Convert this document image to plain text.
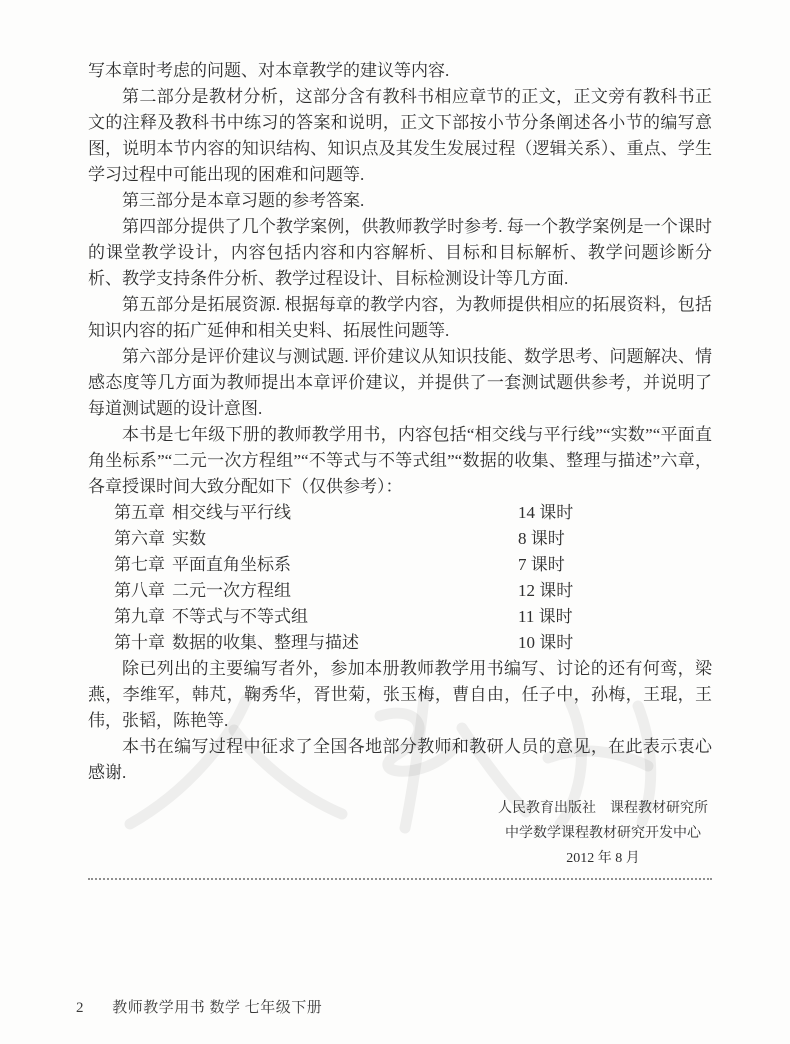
写本章时考虑的问题、对本章教学的建议等内容.

第二部分是教材分析，这部分含有教科书相应章节的正文，正文旁有教科书正文的注释及教科书中练习的答案和说明，正文下部按小节分条阐述各小节的编写意图，说明本节内容的知识结构、知识点及其发生发展过程（逻辑关系）、重点、学生学习过程中可能出现的困难和问题等.

第三部分是本章习题的参考答案.

第四部分提供了几个教学案例，供教师教学时参考. 每一个教学案例是一个课时的课堂教学设计，内容包括内容和内容解析、目标和目标解析、教学问题诊断分析、教学支持条件分析、教学过程设计、目标检测设计等几方面.

第五部分是拓展资源. 根据每章的教学内容，为教师提供相应的拓展资料，包括知识内容的拓广延伸和相关史料、拓展性问题等.

第六部分是评价建议与测试题. 评价建议从知识技能、数学思考、问题解决、情感态度等几方面为教师提出本章评价建议，并提供了一套测试题供参考，并说明了每道测试题的设计意图.

本书是七年级下册的教师教学用书，内容包括“相交线与平行线”“实数”“平面直角坐标系”“二元一次方程组”“不等式与不等式组”“数据的收集、整理与描述”六章，各章授课时间大致分配如下（仅供参考）：

第五章 相交线与平行线	14 课时
第六章 实数	8 课时
第七章 平面直角坐标系	7 课时
第八章 二元一次方程组	12 课时
第九章 不等式与不等式组	11 课时
第十章 数据的收集、整理与描述	10 课时

除已列出的主要编写者外，参加本册教师教学用书编写、讨论的还有何鸾，梁燕，李维军，韩芃，鞠秀华，胥世菊，张玉梅，曹自由，任子中，孙梅，王琨，王伟，张韬，陈艳等.

本书在编写过程中征求了全国各地部分教师和教研人员的意见，在此表示衷心感谢.

人民教育出版社　课程教材研究所
中学数学课程教材研究开发中心
2012 年 8 月
2 教师教学用书 数学 七年级下册
